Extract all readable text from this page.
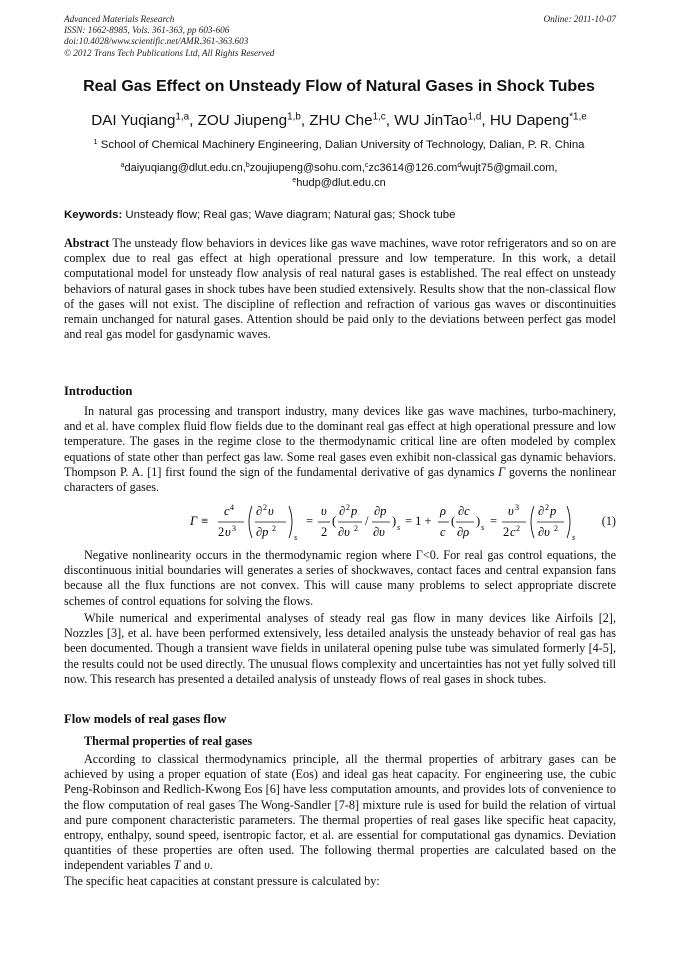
Advanced Materials Research
ISSN: 1662-8985, Vols. 361-363, pp 603-606
doi:10.4028/www.scientific.net/AMR.361-363.603
© 2012 Trans Tech Publications Ltd, All Rights Reserved
Online: 2011-10-07
Real Gas Effect on Unsteady Flow of Natural Gases in Shock Tubes
DAI Yuqiang$^{1,a}$, ZOU Jiupeng$^{1,b}$, ZHU Che$^{1,c}$, WU JinTao$^{1,d}$, HU Dapeng$^{*1,e}$
$^1$ School of Chemical Machinery Engineering, Dalian University of Technology, Dalian, P. R. China
$^a$daiyuqiang@dlut.edu.cn,$^b$zoujiupeng@sohu.com,$^c$zc3614@126.com$^d$wujt75@gmail.com,
$^e$hudp@dlut.edu.cn
Keywords: Unsteady flow; Real gas; Wave diagram; Natural gas; Shock tube

Abstract The unsteady flow behaviors in devices like gas wave machines, wave rotor refrigerators and so on are complex due to real gas effect at high operational pressure and low temperature. In this work, a detail computational model for unsteady flow analysis of real natural gases is established. The real effect on unsteady behaviors of natural gases in shock tubes have been studied extensively. Results show that the non-classical flow of the gases will not exist. The discipline of reflection and refraction of various gas waves or discontinuities remain unchanged for natural gases. Attention should be paid only to the deviations between perfect gas model and real gas model for gasdynamic waves.

Introduction

In natural gas processing and transport industry, many devices like gas wave machines, turbo-machinery, and et al. have complex fluid flow fields due to the dominant real gas effect at high operational pressure and low temperature. The gases in the regime close to the thermodynamic critical line are often modeled by complex equations of state other than perfect gas law. Some real gases even exhibit non-classical gas dynamic behaviors. Thompson P. A. [1] first found the sign of the fundamental derivative of gas dynamics Γ governs the nonlinear characters of gases.

Γ ≡
c 4
2 υ 3
∂ 2 υ
∂p 2
s
=
υ
2
(
∂ 2 p
∂υ 2
/
∂p
∂υ
) s = 1 +
ρ
c
(
∂c
∂ρ
) s =
υ 3
2 c 2
∂ 2 p
∂υ 2
s
(1)

Negative nonlinearity occurs in the thermodynamic region where Γ<0. For real gas control equations, the discontinuous initial boundaries will generates a series of shockwaves, contact faces and central expansion fans because all the flux functions are not convex. This will cause many problems to select appropriate discrete schemes of control equations for solving the flows.

While numerical and experimental analyses of steady real gas flow in many devices like Airfoils [2], Nozzles [3], et al. have been performed extensively, less detailed analysis the unsteady behavior of real gas has been documented. Though a transient wave fields in unilateral opening pulse tube was simulated formerly [4-5], the results could not be used directly. The unusual flows complexity and uncertainties has not yet fully solved till now. This research has presented a detailed analysis of unsteady flows of real gases in shock tubes.

Flow models of real gases flow
Thermal properties of real gases

According to classical thermodynamics principle, all the thermal properties of arbitrary gases can be achieved by using a proper equation of state (Eos) and ideal gas heat capacity. For engineering use, the cubic Peng-Robinson and Redlich-Kwong Eos [6] have less computation amounts, and provides lots of convenience to the flow computation of real gases The Wong-Sandler [7-8] mixture rule is used for build the relation of virtual and pure component characteristic parameters. The thermal properties of real gases like specific heat capacity, entropy, enthalpy, sound speed, isentropic factor, et al. are essential for computational gas dynamics. Deviation quantities of these properties are often used. The following thermal properties are calculated based on the independent variables T and υ.

The specific heat capacities at constant pressure is calculated by:
